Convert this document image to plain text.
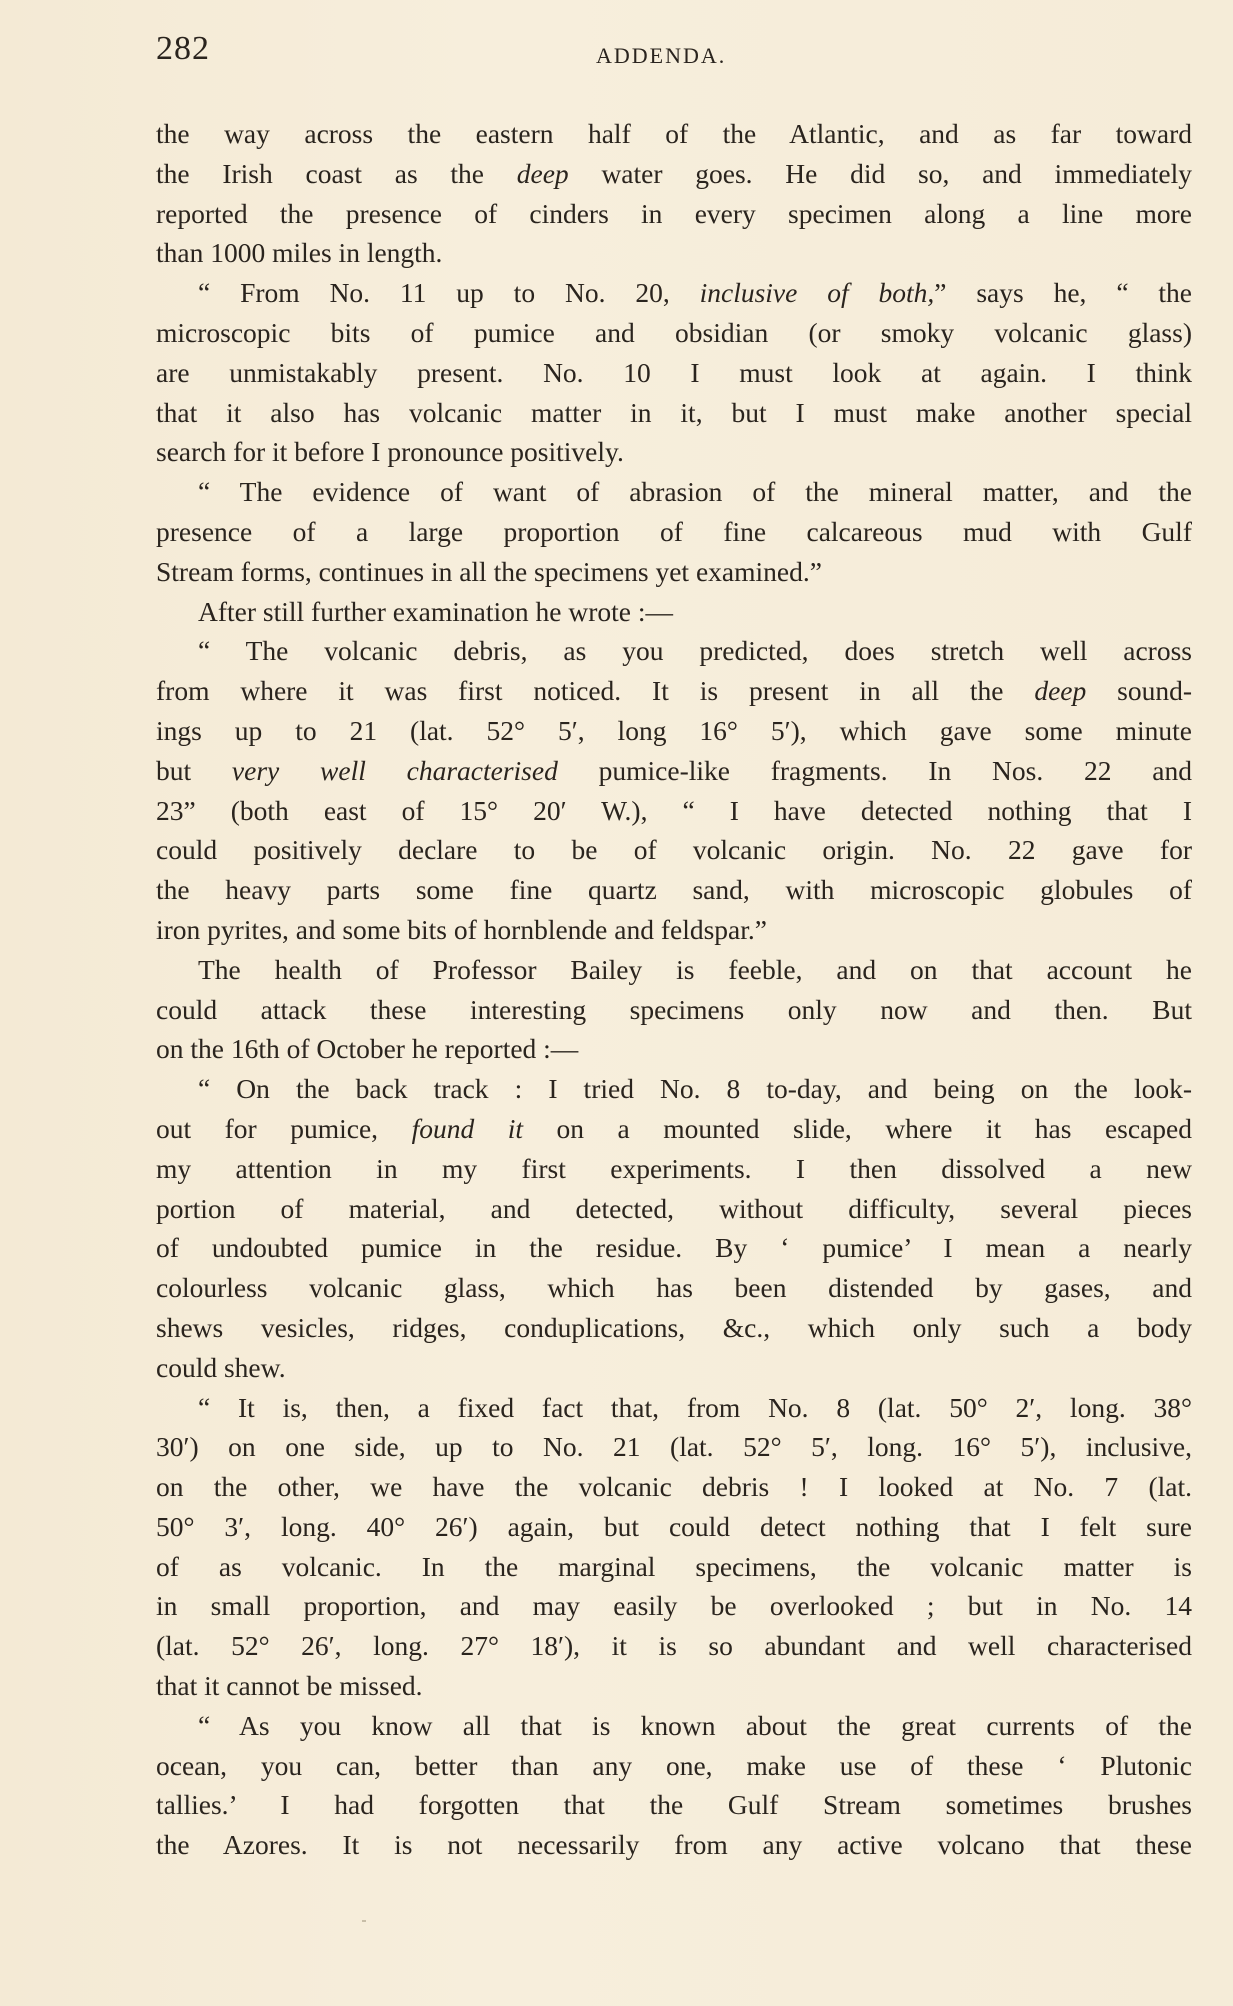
282	ADDENDA.
the way across the eastern half of the Atlantic, and as far toward
the Irish coast as the deep water goes. He did so, and immediately
reported the presence of cinders in every specimen along a line more
than 1000 miles in length.
“ From No. 11 up to No. 20, inclusive of both,” says he, “ the
microscopic bits of pumice and obsidian (or smoky volcanic glass)
are unmistakably present. No. 10 I must look at again. I think
that it also has volcanic matter in it, but I must make another special
search for it before I pronounce positively.
“ The evidence of want of abrasion of the mineral matter, and the
presence of a large proportion of fine calcareous mud with Gulf
Stream forms, continues in all the specimens yet examined.”
After still further examination he wrote :—
“ The volcanic debris, as you predicted, does stretch well across
from where it was first noticed. It is present in all the deep sound-
ings up to 21 (lat. 52° 5′, long 16° 5′), which gave some minute
but very well characterised pumice-like fragments. In Nos. 22 and
23” (both east of 15° 20′ W.), “ I have detected nothing that I
could positively declare to be of volcanic origin. No. 22 gave for
the heavy parts some fine quartz sand, with microscopic globules of
iron pyrites, and some bits of hornblende and feldspar.”
The health of Professor Bailey is feeble, and on that account he
could attack these interesting specimens only now and then. But
on the 16th of October he reported :—
“ On the back track : I tried No. 8 to-day, and being on the look-
out for pumice, found it on a mounted slide, where it has escaped
my attention in my first experiments. I then dissolved a new
portion of material, and detected, without difficulty, several pieces
of undoubted pumice in the residue. By ‘ pumice’ I mean a nearly
colourless volcanic glass, which has been distended by gases, and
shews vesicles, ridges, conduplications, &c., which only such a body
could shew.
“ It is, then, a fixed fact that, from No. 8 (lat. 50° 2′, long. 38°
30′) on one side, up to No. 21 (lat. 52° 5′, long. 16° 5′), inclusive,
on the other, we have the volcanic debris ! I looked at No. 7 (lat.
50° 3′, long. 40° 26′) again, but could detect nothing that I felt sure
of as volcanic. In the marginal specimens, the volcanic matter is
in small proportion, and may easily be overlooked ; but in No. 14
(lat. 52° 26′, long. 27° 18′), it is so abundant and well characterised
that it cannot be missed.
“ As you know all that is known about the great currents of the
ocean, you can, better than any one, make use of these ‘ Plutonic
tallies.’ I had forgotten that the Gulf Stream sometimes brushes
the Azores. It is not necessarily from any active volcano that these
